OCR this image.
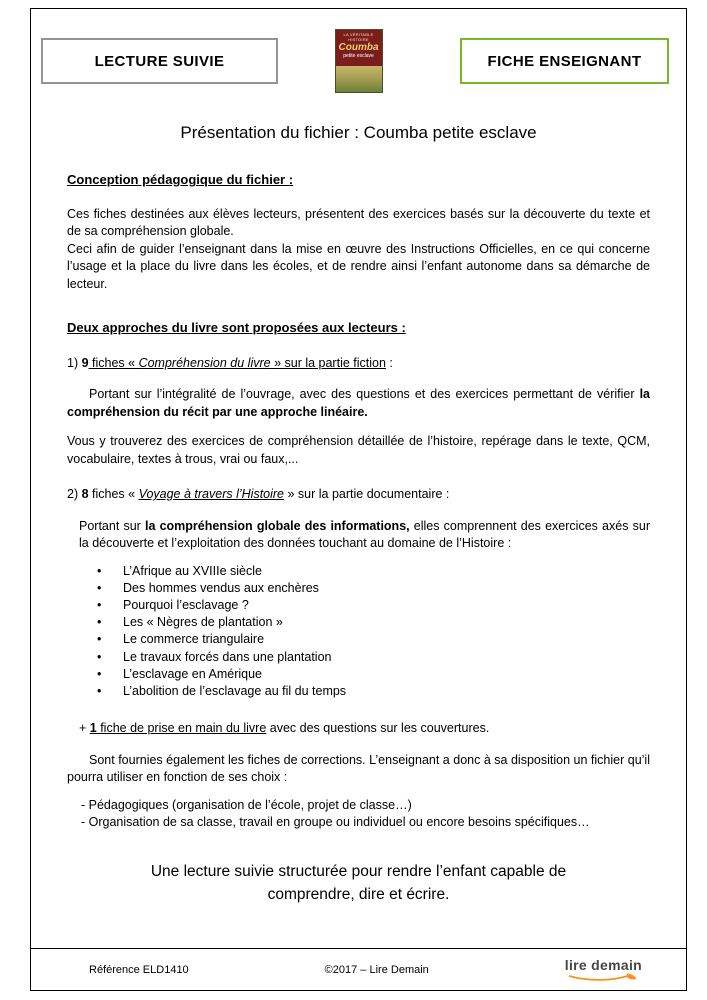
LECTURE SUIVIE
LA VÉRITABLE HISTOIRE
Coumba
petite esclave	FICHE ENSEIGNANT
Présentation du fichier : Coumba petite esclave
Conception pédagogique du fichier :

Ces fiches destinées aux élèves lecteurs, présentent des exercices basés sur la découverte du texte et de sa compréhension globale.

Ceci afin de guider l’enseignant dans la mise en œuvre des Instructions Officielles, en ce qui concerne l’usage et la place du livre dans les écoles, et de rendre ainsi l’enfant autonome dans sa démarche de lecteur.

Deux approches du livre sont proposées aux lecteurs :

1) 9 fiches « Compréhension du livre » sur la partie fiction :

Portant sur l’intégralité de l’ouvrage, avec des questions et des exercices permettant de vérifier la compréhension du récit par une approche linéaire.

Vous y trouverez des exercices de compréhension détaillée de l’histoire, repérage dans le texte, QCM, vocabulaire, textes à trous, vrai ou faux,...

2) 8 fiches « Voyage à travers l’Histoire » sur la partie documentaire :

Portant sur la compréhension globale des informations, elles comprennent des exercices axés sur la découverte et l’exploitation des données touchant au domaine de l’Histoire :

• L’Afrique au XVIIIe siècle
• Des hommes vendus aux enchères
• Pourquoi l’esclavage ?
• Les « Nègres de plantation »
• Le commerce triangulaire
• Le travaux forcés dans une plantation
• L’esclavage en Amérique
• L’abolition de l’esclavage au fil du temps

+ 1 fiche de prise en main du livre avec des questions sur les couvertures.

Sont fournies également les fiches de corrections. L’enseignant a donc à sa disposition un fichier qu’il pourra utiliser en fonction de ses choix :

- Pédagogiques (organisation de l’école, projet de classe…)

- Organisation de sa classe, travail en groupe ou individuel ou encore besoins spécifiques…

Une lecture suivie structurée pour rendre l’enfant capable de comprendre, dire et écrire.

Référence ELD1410	©2017 – Lire Demain	lire demain
